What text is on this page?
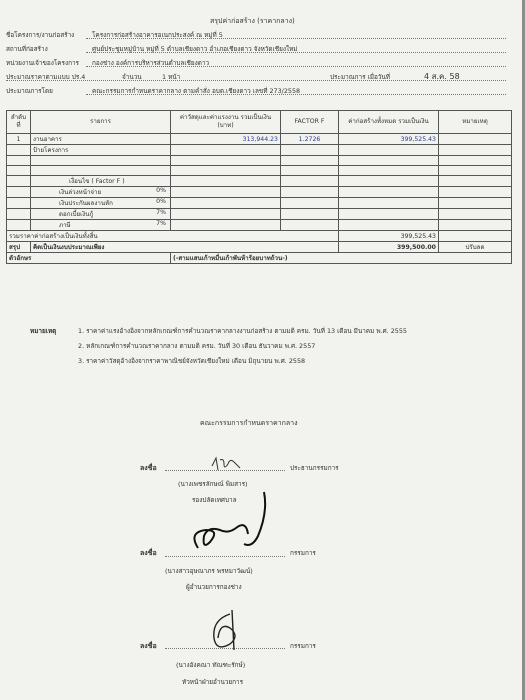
สรุปค่าก่อสร้าง (ราคากลาง)
ชื่อโครงการ/งานก่อสร้าง	โครงการก่อสร้างอาคารอเนกประสงค์ ณ หมู่ที่ 5
สถานที่ก่อสร้าง	ศูนย์ประชุมหมู่บ้าน หมู่ที่ 5 ตำบลเชียงดาว อำเภอเชียงดาว จังหวัดเชียงใหม่
หน่วยงานเจ้าของโครงการ กองช่าง องค์การบริหารส่วนตำบลเชียงดาว
ประมาณราคาตามแบบ ปร.4	จำนวน	1 หน้า	ประมาณการ เมื่อวันที่	4 ส.ค. 58
ประมาณการโดย	คณะกรรมการกำหนดราคากลาง ตามคำสั่ง อบต.เชียงดาว เลขที่ 273/2558
ลำดับที่	รายการ	ค่าวัสดุและค่าแรงงาน รวมเป็นเงิน (บาท)	FACTOR F	ค่าก่อสร้างทั้งหมด รวมเป็นเงิน	หมายเหตุ
1	งานอาคาร	313,944.23	1.2726	399,525.43	
	ป้ายโครงการ				

	เงื่อนไข ( Factor F )				
	เงินล่วงหน้าจ่าย 0%				

	เงินประกันผลงานหัก 0%				

	ดอกเบี้ยเงินกู้ 7%				

	ภาษี 7%				

รวมราคาค่าก่อสร้างเป็นเงินทั้งสิ้น				399,525.43	
สรุป	คิดเป็นเงินงบประมาณเพียง			399,500.00	ปรับลด
ตัวอักษร		(-สามแสนเก้าหมื่นเก้าพันห้าร้อยบาทถ้วน-)			
หมายเหตุ	1. ราคาค่าแรงอ้างอิงจากหลักเกณฑ์การคำนวณราคากลางงานก่อสร้าง ตามมติ ครม. วันที่ 13 เดือน มีนาคม พ.ศ. 2555
2. หลักเกณฑ์การคำนวณราคากลาง ตามมติ ครม. วันที่ 30 เดือน ธันวาคม พ.ศ. 2557
3. ราคาค่าวัสดุอ้างอิงจากราคาพาณิชย์จังหวัดเชียงใหม่ เดือน มิถุนายน พ.ศ. 2558
คณะกรรมการกำหนดราคากลาง
ลงชื่อ	ประธานกรรมการ
(นางเพชรลักษณ์ พิมสาร)
รองปลัดเทศบาล
ลงชื่อ	กรรมการ
(นางสาวอุษณาภร พรหมาวัฒน์)
ผู้อำนวยการกองช่าง
ลงชื่อ	กรรมการ
(นางอังคณา ทัณฑะรักษ์)
หัวหน้าฝ่ายอำนวยการ
